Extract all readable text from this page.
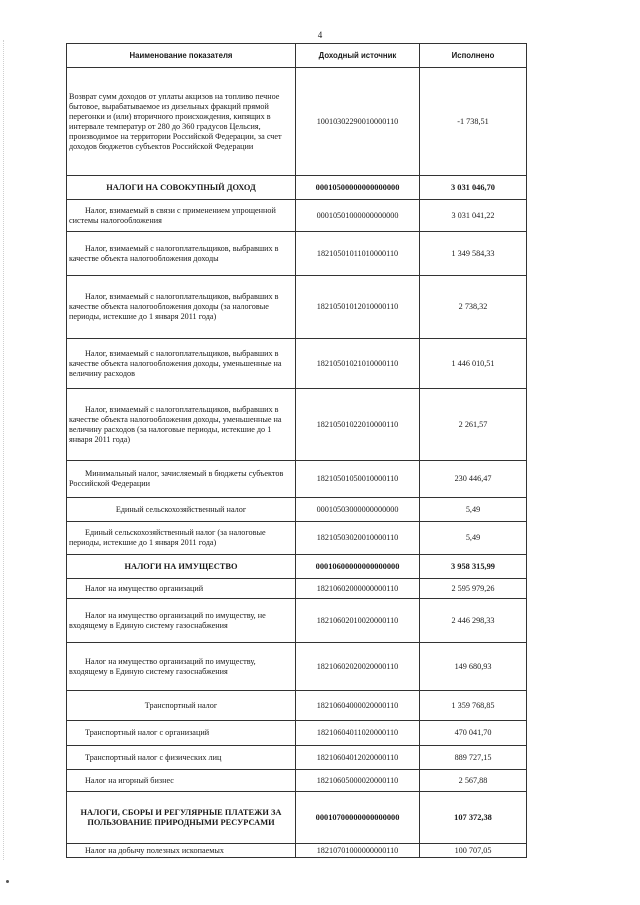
4
Наименование показателя	Доходный источник	Исполнено
Возврат сумм доходов от уплаты акцизов на топливо печное бытовое, вырабатываемое из дизельных фракций прямой перегонки и (или) вторичного происхождения, кипящих в интервале температур от 280 до 360 градусов Цельсия, производимое на территории Российской Федерации, за счет доходов бюджетов субъектов Российской Федерации	10010302290010000110	-1 738,51
НАЛОГИ НА СОВОКУПНЫЙ ДОХОД	00010500000000000000	3 031 046,70
Налог, взимаемый в связи с применением упрощенной системы налогообложения	00010501000000000000	3 031 041,22
Налог, взимаемый с налогоплательщиков, выбравших в качестве объекта налогообложения доходы	18210501011010000110	1 349 584,33
Налог, взимаемый с налогоплательщиков, выбравших в качестве объекта налогообложения доходы (за налоговые периоды, истекшие до 1 января 2011 года)	18210501012010000110	2 738,32
Налог, взимаемый с налогоплательщиков, выбравших в качестве объекта налогообложения доходы, уменьшенные на величину расходов	18210501021010000110	1 446 010,51
Налог, взимаемый с налогоплательщиков, выбравших в качестве объекта налогообложения доходы, уменьшенные на величину расходов (за налоговые периоды, истекшие до 1 января 2011 года)	18210501022010000110	2 261,57
Минимальный налог, зачисляемый в бюджеты субъектов Российской Федерации	18210501050010000110	230 446,47
Единый сельскохозяйственный налог	00010503000000000000	5,49
Единый сельскохозяйственный налог (за налоговые периоды, истекшие до 1 января 2011 года)	18210503020010000110	5,49
НАЛОГИ НА ИМУЩЕСТВО	00010600000000000000	3 958 315,99
Налог на имущество организаций	18210602000000000110	2 595 979,26
Налог на имущество организаций по имуществу, не входящему в Единую систему газоснабжения	18210602010020000110	2 446 298,33
Налог на имущество организаций по имуществу, входящему в Единую систему газоснабжения	18210602020020000110	149 680,93
Транспортный налог	18210604000020000110	1 359 768,85
Транспортный налог с организаций	18210604011020000110	470 041,70
Транспортный налог с физических лиц	18210604012020000110	889 727,15
Налог на игорный бизнес	18210605000020000110	2 567,88
НАЛОГИ, СБОРЫ И РЕГУЛЯРНЫЕ ПЛАТЕЖИ ЗА ПОЛЬЗОВАНИЕ ПРИРОДНЫМИ РЕСУРСАМИ	00010700000000000000	107 372,38
Налог на добычу полезных ископаемых	18210701000000000110	100 707,05
